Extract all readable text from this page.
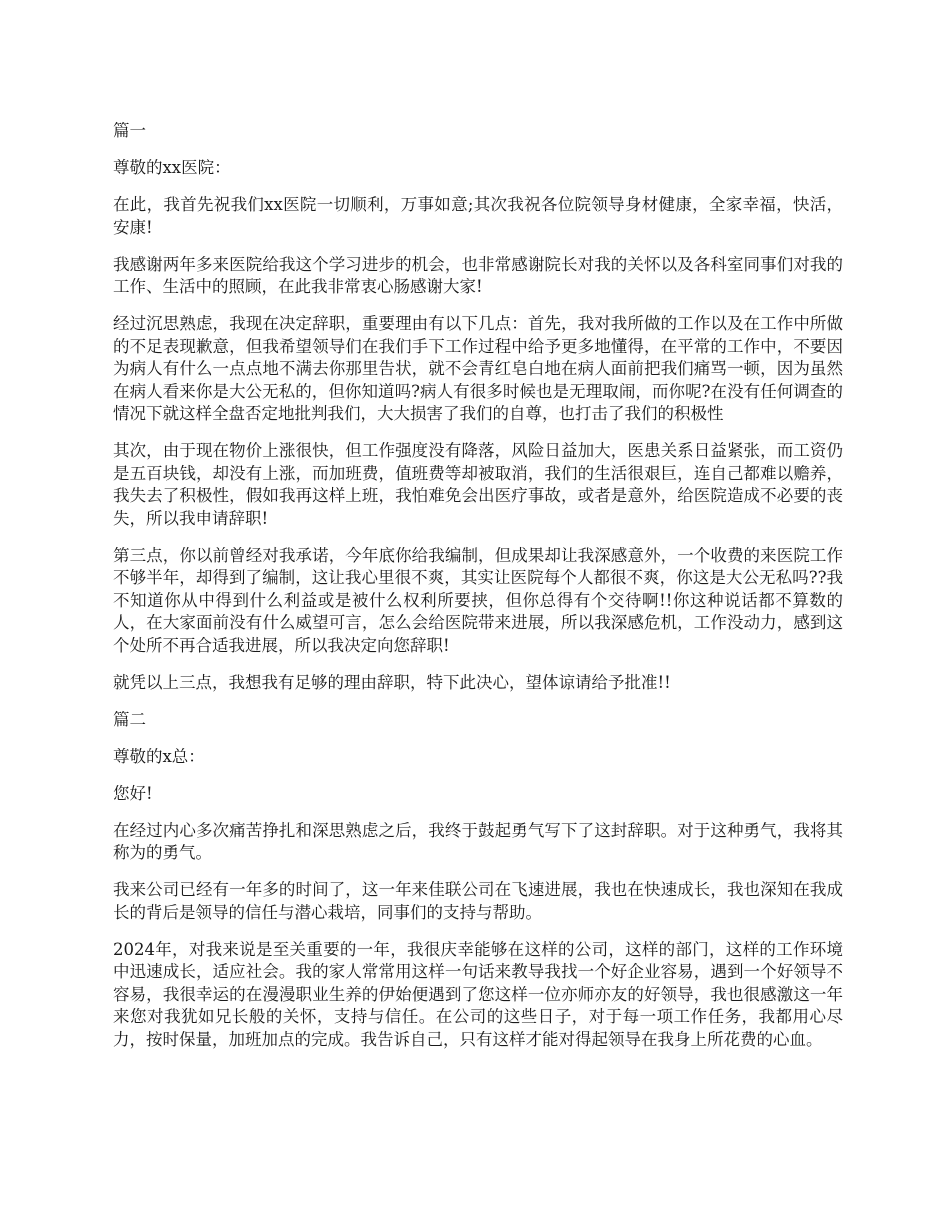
篇一

尊敬的xx医院：

在此，我首先祝我们xx医院一切顺利，万事如意;其次我祝各位院领导身材健康，全家幸福，快活，安康!

我感谢两年多来医院给我这个学习进步的机会，也非常感谢院长对我的关怀以及各科室同事们对我的工作、生活中的照顾，在此我非常衷心肠感谢大家!

经过沉思熟虑，我现在决定辞职，重要理由有以下几点：首先，我对我所做的工作以及在工作中所做的不足表现歉意，但我希望领导们在我们手下工作过程中给予更多地懂得，在平常的工作中，不要因为病人有什么一点点地不满去你那里告状，就不会青红皂白地在病人面前把我们痛骂一顿，因为虽然在病人看来你是大公无私的，但你知道吗?病人有很多时候也是无理取闹，而你呢?在没有任何调查的情况下就这样全盘否定地批判我们，大大损害了我们的自尊，也打击了我们的积极性

其次，由于现在物价上涨很快，但工作强度没有降落，风险日益加大，医患关系日益紧张，而工资仍是五百块钱，却没有上涨，而加班费，值班费等却被取消，我们的生活很艰巨，连自己都难以赡养，我失去了积极性，假如我再这样上班，我怕难免会出医疗事故，或者是意外，给医院造成不必要的丧失，所以我申请辞职!

第三点，你以前曾经对我承诺，今年底你给我编制，但成果却让我深感意外，一个收费的来医院工作不够半年，却得到了编制，这让我心里很不爽，其实让医院每个人都很不爽，你这是大公无私吗??我不知道你从中得到什么利益或是被什么权利所要挟，但你总得有个交待啊!!你这种说话都不算数的人，在大家面前没有什么威望可言，怎么会给医院带来进展，所以我深感危机，工作没动力，感到这个处所不再合适我进展，所以我决定向您辞职!

就凭以上三点，我想我有足够的理由辞职，特下此决心，望体谅请给予批准!!

篇二

尊敬的x总：

您好!

在经过内心多次痛苦挣扎和深思熟虑之后，我终于鼓起勇气写下了这封辞职。对于这种勇气，我将其称为的勇气。

我来公司已经有一年多的时间了，这一年来佳联公司在飞速进展，我也在快速成长，我也深知在我成长的背后是领导的信任与潜心栽培，同事们的支持与帮助。

2024年，对我来说是至关重要的一年，我很庆幸能够在这样的公司，这样的部门，这样的工作环境中迅速成长，适应社会。我的家人常常用这样一句话来教导我找一个好企业容易，遇到一个好领导不容易，我很幸运的在漫漫职业生养的伊始便遇到了您这样一位亦师亦友的好领导，我也很感激这一年来您对我犹如兄长般的关怀，支持与信任。在公司的这些日子，对于每一项工作任务，我都用心尽力，按时保量，加班加点的完成。我告诉自己，只有这样才能对得起领导在我身上所花费的心血。
